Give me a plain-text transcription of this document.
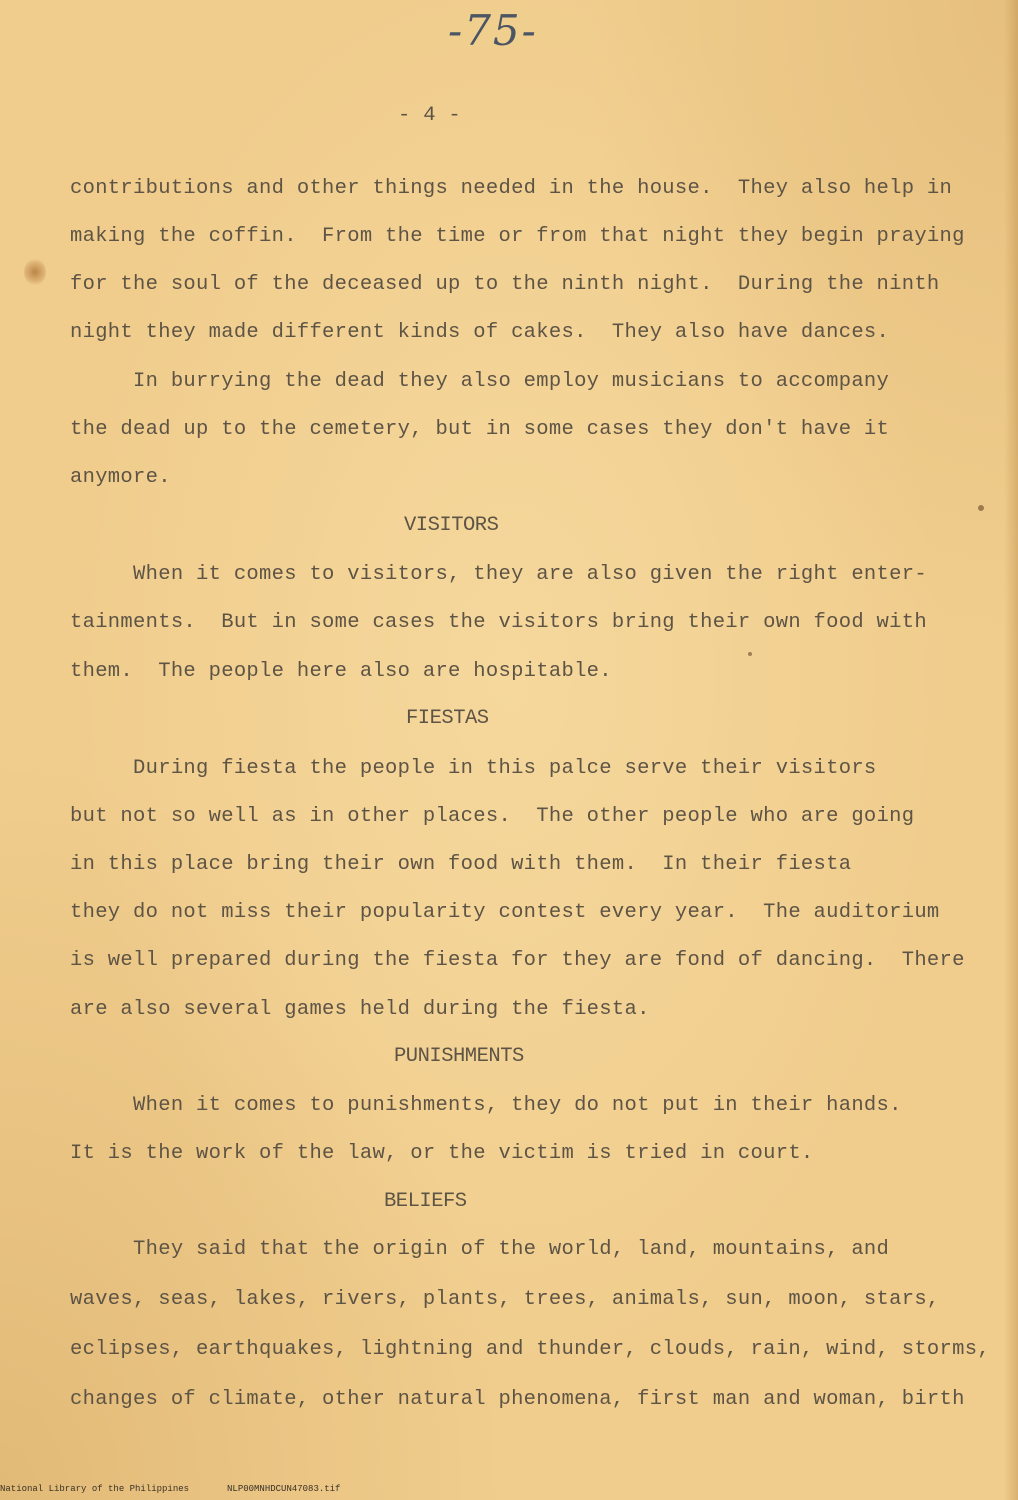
-75-
- 4 -
contributions and other things needed in the house.  They also help in
making the coffin.  From the time or from that night they begin praying
for the soul of the deceased up to the ninth night.  During the ninth
night they made different kinds of cakes.  They also have dances.
In burrying the dead they also employ musicians to accompany
the dead up to the cemetery, but in some cases they don't have it
anymore.
VISITORS
When it comes to visitors, they are also given the right enter-
tainments.  But in some cases the visitors bring their own food with
them.  The people here also are hospitable.
FIESTAS
During fiesta the people in this palce serve their visitors
but not so well as in other places.  The other people who are going
in this place bring their own food with them.  In their fiesta
they do not miss their popularity contest every year.  The auditorium
is well prepared during the fiesta for they are fond of dancing.  There
are also several games held during the fiesta.
PUNISHMENTS
When it comes to punishments, they do not put in their hands.
It is the work of the law, or the victim is tried in court.
BELIEFS
They said that the origin of the world, land, mountains, and
waves, seas, lakes, rivers, plants, trees, animals, sun, moon, stars,
eclipses, earthquakes, lightning and thunder, clouds, rain, wind, storms,
changes of climate, other natural phenomena, first man and woman, birth
National Library of the Philippines	NLP00MNHDCUN47083.tif
